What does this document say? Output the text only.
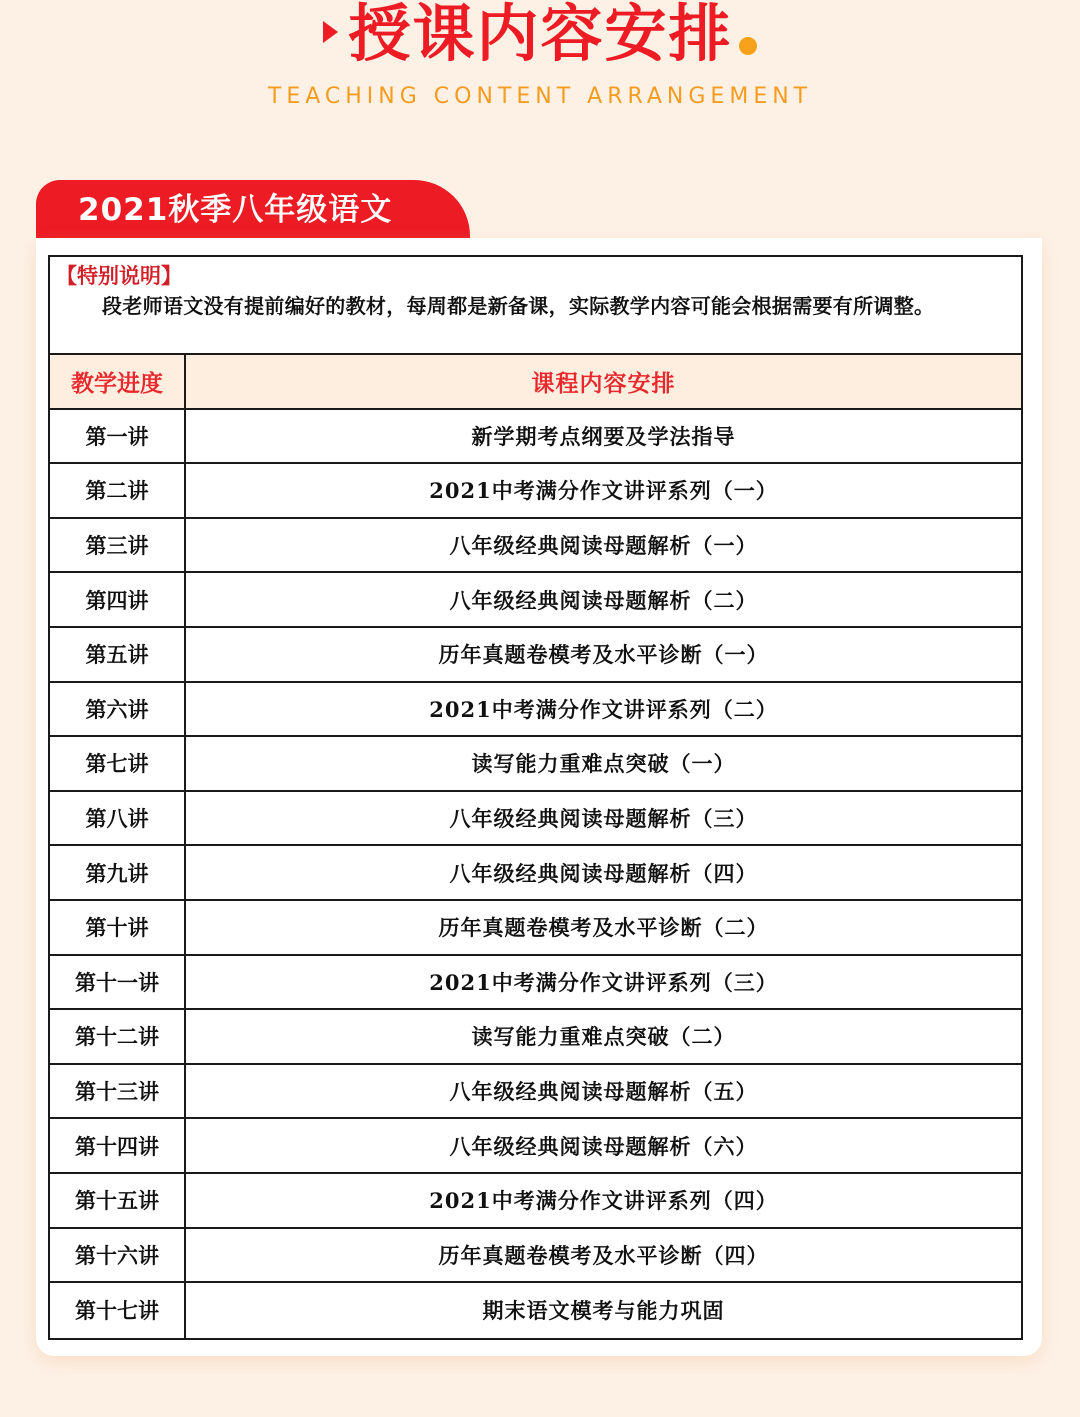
授课内容安排
TEACHING CONTENT ARRANGEMENT
2021秋季八年级语文
【特别说明】
段老师语文没有提前编好的教材，每周都是新备课，实际教学内容可能会根据需要有所调整。
教学进度	课程内容安排
第一讲	新学期考点纲要及学法指导
第二讲	2021中考满分作文讲评系列（一）
第三讲	八年级经典阅读母题解析（一）
第四讲	八年级经典阅读母题解析（二）
第五讲	历年真题卷模考及水平诊断（一）
第六讲	2021中考满分作文讲评系列（二）
第七讲	读写能力重难点突破（一）
第八讲	八年级经典阅读母题解析（三）
第九讲	八年级经典阅读母题解析（四）
第十讲	历年真题卷模考及水平诊断（二）
第十一讲	2021中考满分作文讲评系列（三）
第十二讲	读写能力重难点突破（二）
第十三讲	八年级经典阅读母题解析（五）
第十四讲	八年级经典阅读母题解析（六）
第十五讲	2021中考满分作文讲评系列（四）
第十六讲	历年真题卷模考及水平诊断（四）
第十七讲	期末语文模考与能力巩固
